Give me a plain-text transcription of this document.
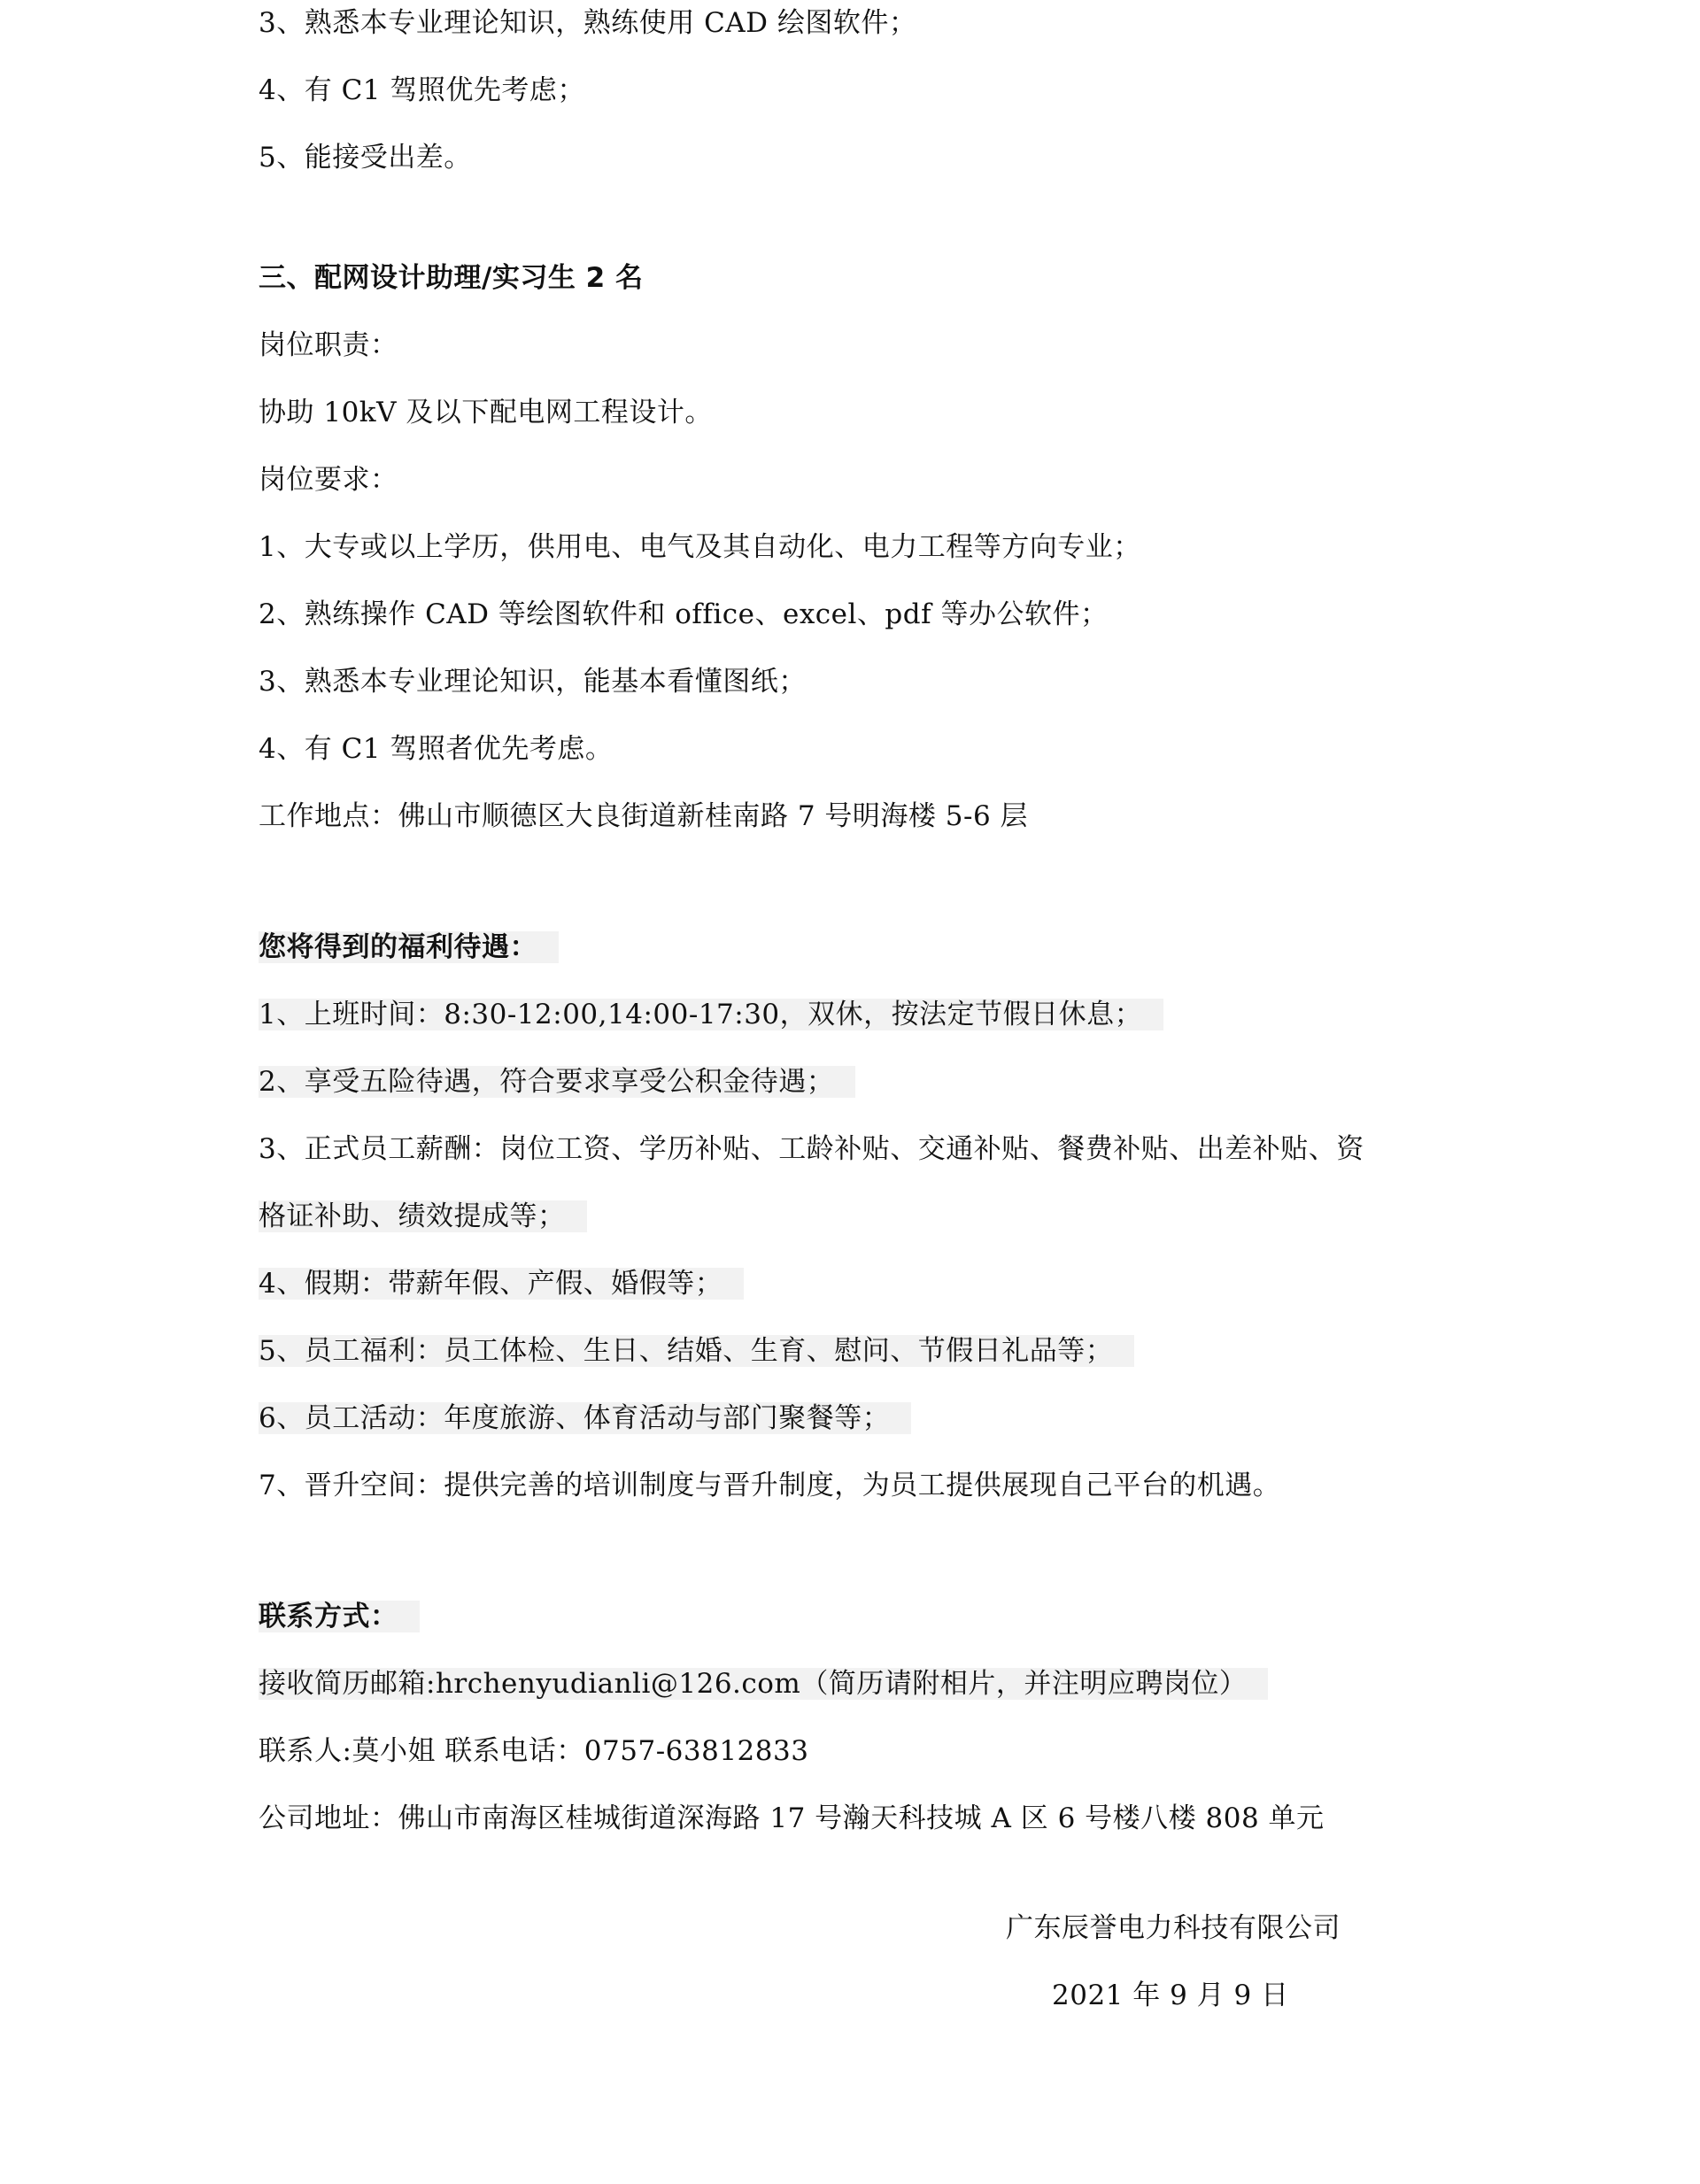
3、熟悉本专业理论知识，熟练使用 CAD 绘图软件；
4、有 C1 驾照优先考虑；
5、能接受出差。
三、配网设计助理/实习生 2 名
岗位职责：
协助 10kV 及以下配电网工程设计。
岗位要求：
1、大专或以上学历，供用电、电气及其自动化、电力工程等方向专业；
2、熟练操作 CAD 等绘图软件和 office、excel、pdf 等办公软件；
3、熟悉本专业理论知识，能基本看懂图纸；
4、有 C1 驾照者优先考虑。
工作地点：佛山市顺德区大良街道新桂南路 7 号明海楼 5-6 层
您将得到的福利待遇：
1、上班时间：8:30-12:00,14:00-17:30，双休，按法定节假日休息；
2、享受五险待遇，符合要求享受公积金待遇；
3、正式员工薪酬：岗位工资、学历补贴、工龄补贴、交通补贴、餐费补贴、出差补贴、资
格证补助、绩效提成等；
4、假期：带薪年假、产假、婚假等；
5、员工福利：员工体检、生日、结婚、生育、慰问、节假日礼品等；
6、员工活动：年度旅游、体育活动与部门聚餐等；
7、晋升空间：提供完善的培训制度与晋升制度，为员工提供展现自己平台的机遇。
联系方式：
接收简历邮箱:hrchenyudianli@126.com（简历请附相片，并注明应聘岗位）
联系人:莫小姐 联系电话：0757-63812833
公司地址：佛山市南海区桂城街道深海路 17 号瀚天科技城 A 区 6 号楼八楼 808 单元
广东辰誉电力科技有限公司
2021 年 9 月 9 日
